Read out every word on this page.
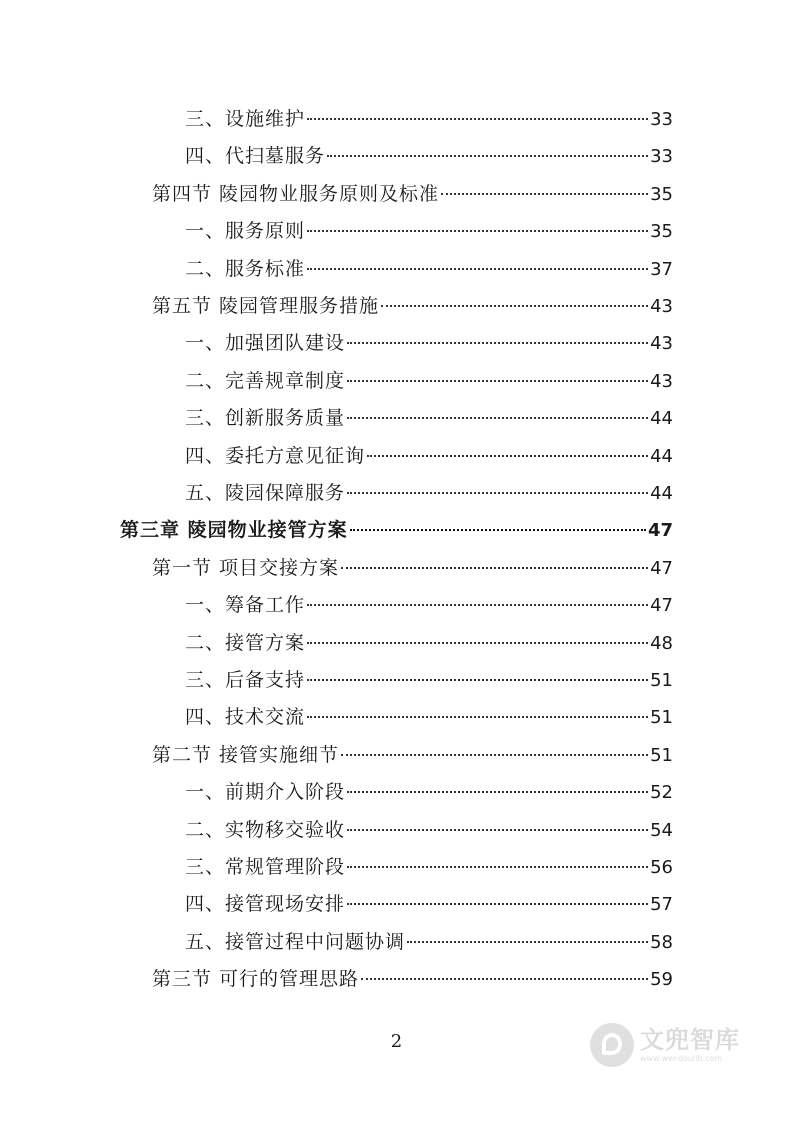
三、设施维护	33
四、代扫墓服务	33
第四节 陵园物业服务原则及标准	35
一、服务原则	35
二、服务标准	37
第五节 陵园管理服务措施	43
一、加强团队建设	43
二、完善规章制度	43
三、创新服务质量	44
四、委托方意见征询	44
五、陵园保障服务	44
第三章 陵园物业接管方案	47
第一节 项目交接方案	47
一、筹备工作	47
二、接管方案	48
三、后备支持	51
四、技术交流	51
第二节 接管实施细节	51
一、前期介入阶段	52
二、实物移交验收	54
三、常规管理阶段	56
四、接管现场安排	57
五、接管过程中问题协调	58
第三节 可行的管理思路	59
2	文兜智库
www.wendoulib.com
